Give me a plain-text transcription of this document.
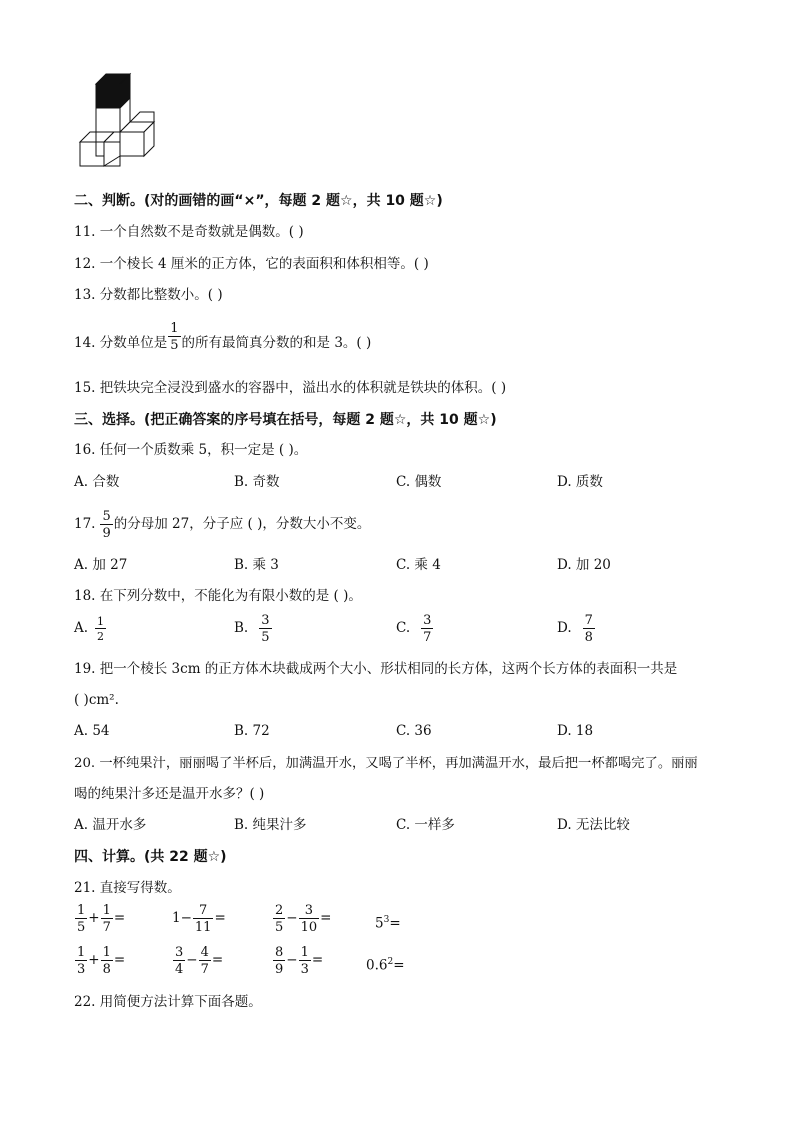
二、判断。(对的画错的画“×”，每题 2 题☆，共 10 题☆)
11. 一个自然数不是奇数就是偶数。( )
12. 一个棱长 4 厘米的正方体，它的表面积和体积相等。( )
13. 分数都比整数小。( )
14. 分数单位是 $\frac{1}{5}$ 的所有最简真分数的和是 3。( )
15. 把铁块完全浸没到盛水的容器中，溢出水的体积就是铁块的体积。( )
三、选择。(把正确答案的序号填在括号，每题 2 题☆，共 10 题☆)
16. 任何一个质数乘 5，积一定是 ( )。
A. 合数	B. 奇数	C. 偶数	D. 质数
17. $\frac{5}{9}$ 的分母加 27，分子应 ( )，分数大小不变。
A. 加 27	B. 乘 3	C. 乘 4	D. 加 20
18. 在下列分数中，不能化为有限小数的是 ( )。
A. $\frac{1}{2}$	B. $\frac{3}{5}$	C. $\frac{3}{7}$	D. $\frac{7}{8}$
19. 把一个棱长 3cm 的正方体木块截成两个大小、形状相同的长方体，这两个长方体的表面积一共是
( )cm².
A. 54	B. 72	C. 36	D. 18
20. 一杯纯果汁，丽丽喝了半杯后，加满温开水，又喝了半杯，再加满温开水，最后把一杯都喝完了。丽丽
喝的纯果汁多还是温开水多？( )
A. 温开水多	B. 纯果汁多	C. 一样多	D. 无法比较
四、计算。(共 22 题☆)
21. 直接写得数。
$\frac{1}{5} + \frac{1}{7}$ =	$1- \frac{7}{11}$ =	$\frac{2}{5} - \frac{3}{10}$ =	$5^3=$
$\frac{1}{3} + \frac{1}{8}$ =	$\frac{3}{4} - \frac{4}{7}$ =	$\frac{8}{9} - \frac{1}{3}$ =	$0.6^2=$
22. 用简便方法计算下面各题。
